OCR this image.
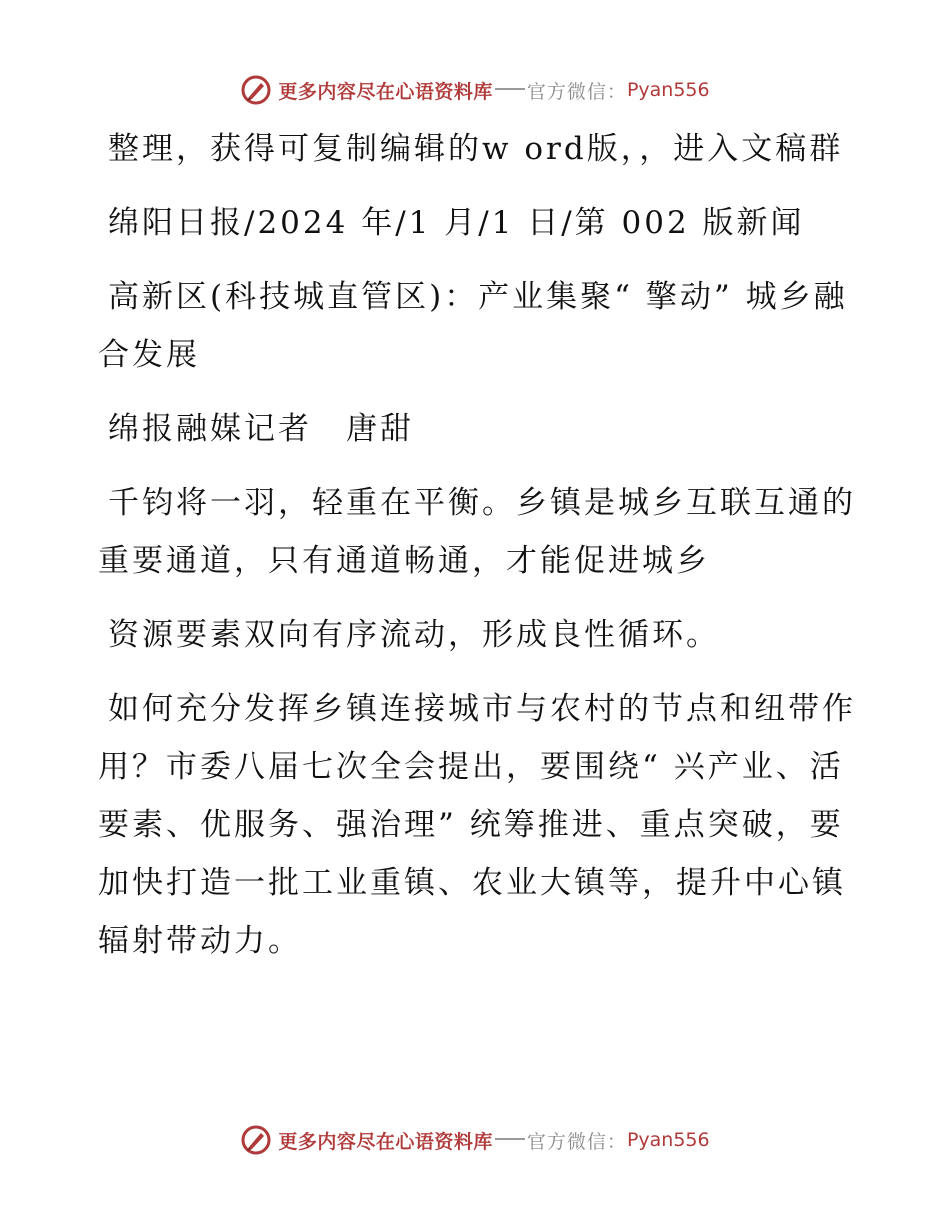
更多内容尽在心语资料库 官方微信： Pyan556

整理，获得可复制编辑的w ord版，，进入文稿群

绵阳日报/2024 年/1 月/1 日/第 002 版新闻

高新区(科技城直管区)：产业集聚“ 擎动” 城乡融合发展

绵报融媒记者　唐甜

千钧将一羽，轻重在平衡。乡镇是城乡互联互通的重要通道，只有通道畅通，才能促进城乡

资源要素双向有序流动，形成良性循环。

如何充分发挥乡镇连接城市与农村的节点和纽带作用？市委八届七次全会提出，要围绕“ 兴产业、活要素、优服务、强治理” 统筹推进、重点突破，要加快打造一批工业重镇、农业大镇等，提升中心镇辐射带动力。

更多内容尽在心语资料库 官方微信： Pyan556
